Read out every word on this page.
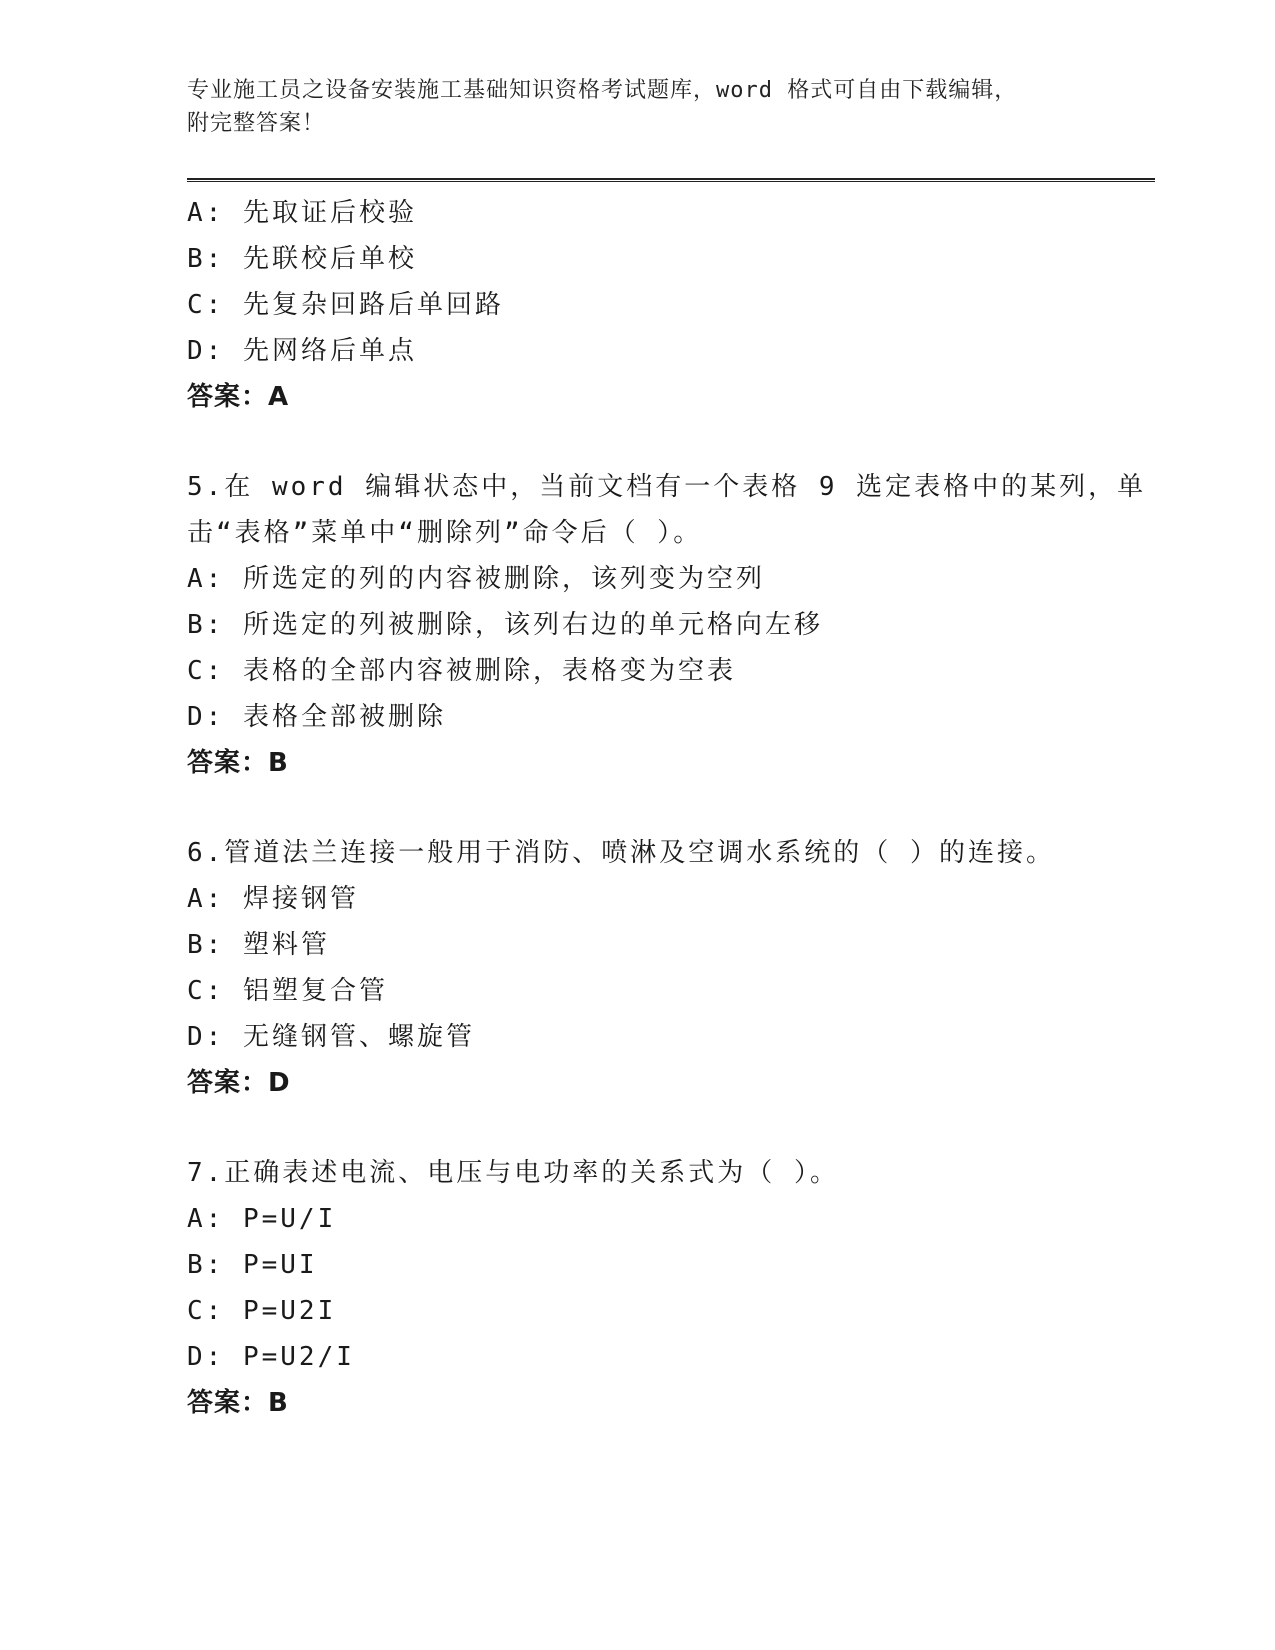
专业施工员之设备安装施工基础知识资格考试题库，word 格式可自由下载编辑，
附完整答案！
A: 先取证后校验
B: 先联校后单校
C: 先复杂回路后单回路
D: 先网络后单点
答案：A
5.在 word 编辑状态中，当前文档有一个表格 9 选定表格中的某列，单
击“表格”菜单中“删除列”命令后（ ）。
A: 所选定的列的内容被删除，该列变为空列
B: 所选定的列被删除，该列右边的单元格向左移
C: 表格的全部内容被删除，表格变为空表
D: 表格全部被删除
答案：B
6.管道法兰连接一般用于消防、喷淋及空调水系统的（ ）的连接。
A: 焊接钢管
B: 塑料管
C: 铝塑复合管
D: 无缝钢管、螺旋管
答案：D
7.正确表述电流、电压与电功率的关系式为（ ）。
A: P=U/I
B: P=UI
C: P=U2I
D: P=U2/I
答案：B
